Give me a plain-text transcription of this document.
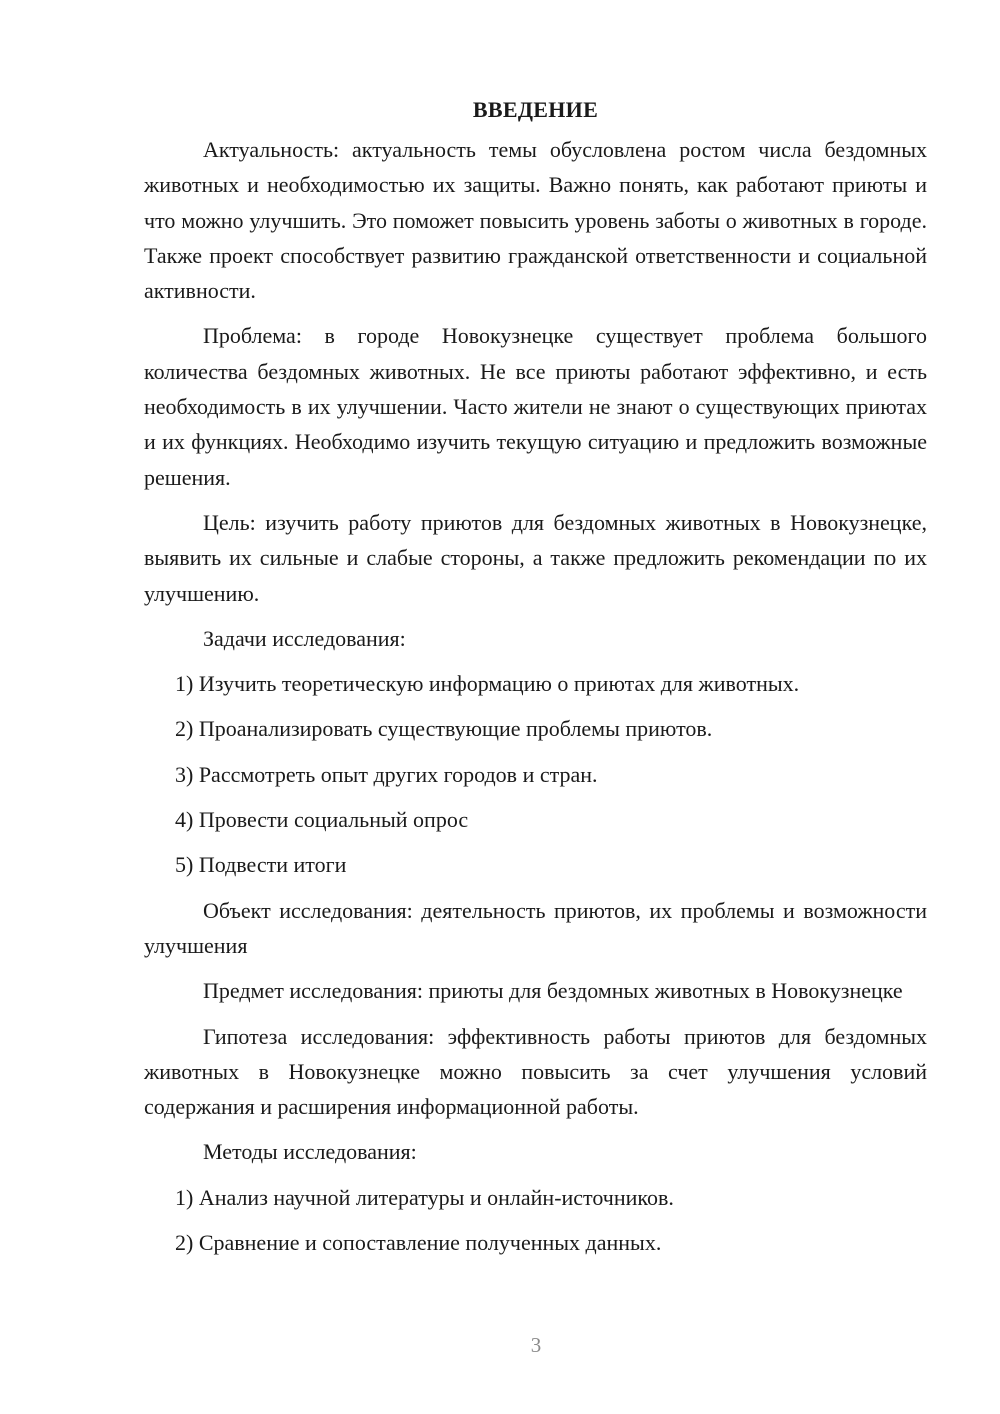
ВВЕДЕНИЕ

Актуальность: актуальность темы обусловлена ростом числа бездомных животных и необходимостью их защиты. Важно понять, как работают приюты и что можно улучшить. Это поможет повысить уровень заботы о животных в городе. Также проект способствует развитию гражданской ответственности и социальной активности.

Проблема: в городе Новокузнецке существует проблема большого количества бездомных животных. Не все приюты работают эффективно, и есть необходимость в их улучшении. Часто жители не знают о существующих приютах и их функциях. Необходимо изучить текущую ситуацию и предложить возможные решения.

Цель: изучить работу приютов для бездомных животных в Новокузнецке, выявить их сильные и слабые стороны, а также предложить рекомендации по их улучшению.

Задачи исследования:

1) Изучить теоретическую информацию о приютах для животных.
2) Проанализировать существующие проблемы приютов.
3) Рассмотреть опыт других городов и стран.
4) Провести социальный опрос
5) Подвести итоги

Объект исследования: деятельность приютов, их проблемы и возможности улучшения

Предмет исследования: приюты для бездомных животных в Новокузнецке

Гипотеза исследования: эффективность работы приютов для бездомных животных в Новокузнецке можно повысить за счет улучшения условий содержания и расширения информационной работы.

Методы исследования:

1) Анализ научной литературы и онлайн-источников.
2) Сравнение и сопоставление полученных данных.
3
